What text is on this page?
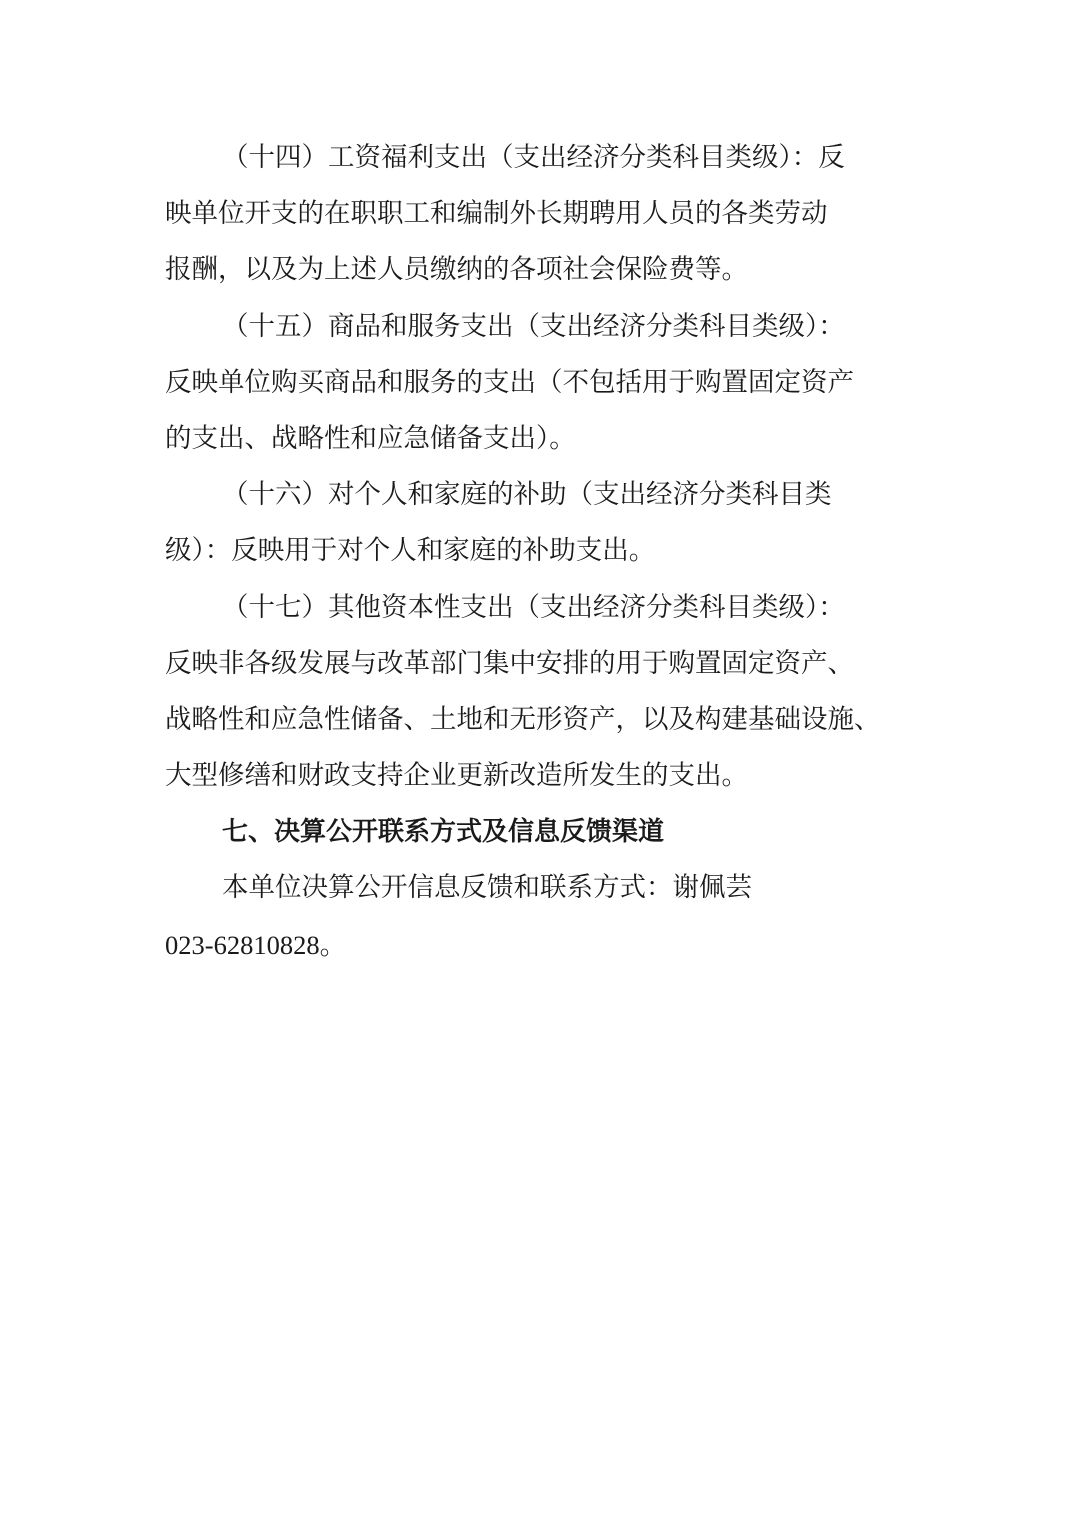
（十四）工资福利支出（支出经济分类科目类级）：反
映单位开支的在职职工和编制外长期聘用人员的各类劳动
报酬，以及为上述人员缴纳的各项社会保险费等。
（十五）商品和服务支出（支出经济分类科目类级）：
反映单位购买商品和服务的支出（不包括用于购置固定资产
的支出、战略性和应急储备支出）。
（十六）对个人和家庭的补助（支出经济分类科目类
级）：反映用于对个人和家庭的补助支出。
（十七）其他资本性支出（支出经济分类科目类级）：
反映非各级发展与改革部门集中安排的用于购置固定资产、
战略性和应急性储备、土地和无形资产，以及构建基础设施、
大型修缮和财政支持企业更新改造所发生的支出。
七、决算公开联系方式及信息反馈渠道
本单位决算公开信息反馈和联系方式：谢佩芸
023-62810828。
